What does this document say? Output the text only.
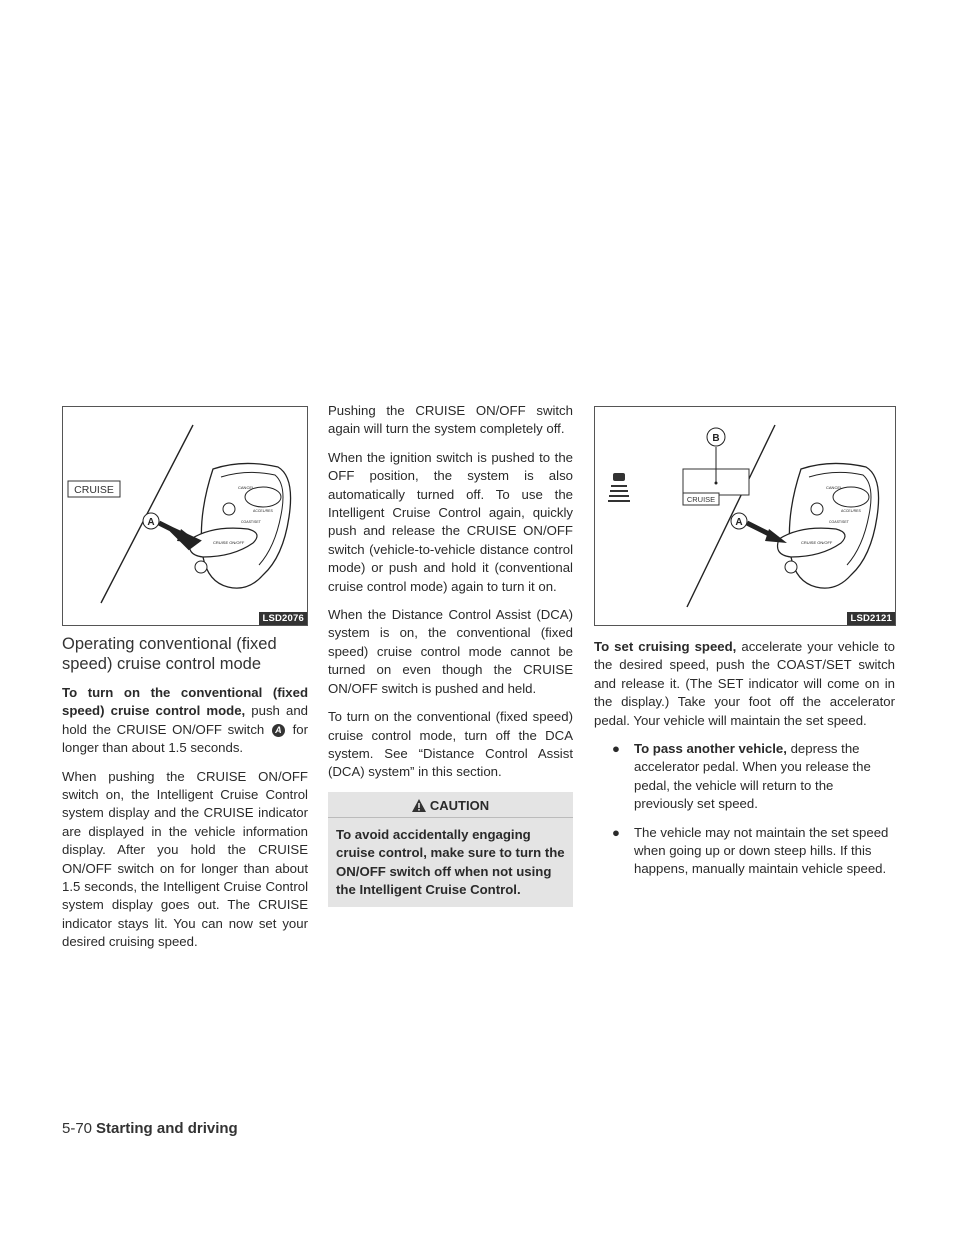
CRUISE	CANCEL
ACCEL/RES
COAST/SET
CRUISE ON/OFF
A
LSD2076
Operating conventional (fixed speed) cruise control mode

To turn on the conventional (fixed speed) cruise control mode, push and hold the CRUISE ON/OFF switch A for longer than about 1.5 seconds.

When pushing the CRUISE ON/OFF switch on, the Intelligent Cruise Control system display and the CRUISE indicator are displayed in the vehicle information display. After you hold the CRUISE ON/OFF switch on for longer than about 1.5 seconds, the Intelligent Cruise Control system display goes out. The CRUISE indicator stays lit. You can now set your desired cruising speed.

Pushing the CRUISE ON/OFF switch again will turn the system completely off.

When the ignition switch is pushed to the OFF position, the system is also automatically turned off. To use the Intelligent Cruise Control again, quickly push and release the CRUISE ON/OFF switch (vehicle-to-vehicle distance control mode) or push and hold it (conventional cruise control mode) again to turn it on.

When the Distance Control Assist (DCA) system is on, the conventional (fixed speed) cruise control mode cannot be turned on even though the CRUISE ON/OFF switch is pushed and held.

To turn on the conventional (fixed speed) cruise control mode, turn off the DCA system. See “Distance Control Assist (DCA) system” in this section.

CAUTION
To avoid accidentally engaging cruise control, make sure to turn the ON/OFF switch off when not using the Intelligent Cruise Control.
B
CRUISE
CANCEL
ACCEL/RES
COAST/SET
CRUISE ON/OFF
A
LSD2121

To set cruising speed, accelerate your vehicle to the desired speed, push the COAST/SET switch and release it. (The SET indicator will come on in the display.) Take your foot off the accelerator pedal. Your vehicle will maintain the set speed.

● To pass another vehicle, depress the accelerator pedal. When you release the pedal, the vehicle will return to the previously set speed.
● The vehicle may not maintain the set speed when going up or down steep hills. If this happens, manually maintain vehicle speed.
5-70 Starting and driving
